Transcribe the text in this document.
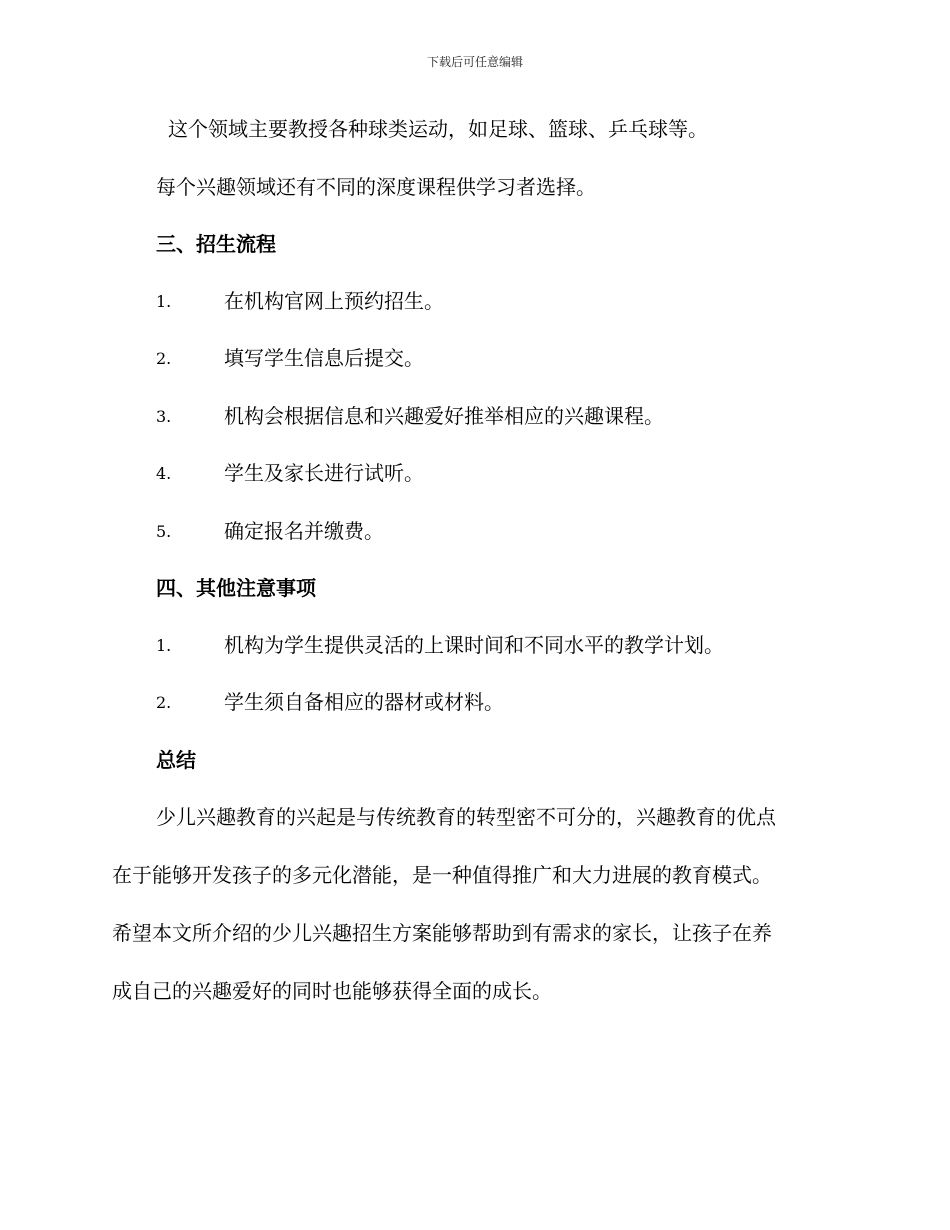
下载后可任意编辑
这个领域主要教授各种球类运动，如足球、篮球、乒乓球等。
每个兴趣领域还有不同的深度课程供学习者选择。
三、招生流程
1.	在机构官网上预约招生。
2.	填写学生信息后提交。
3.	机构会根据信息和兴趣爱好推举相应的兴趣课程。
4.	学生及家长进行试听。
5.	确定报名并缴费。
四、其他注意事项
1.	机构为学生提供灵活的上课时间和不同水平的教学计划。
2.	学生须自备相应的器材或材料。
总结
少儿兴趣教育的兴起是与传统教育的转型密不可分的，兴趣教育的优点
在于能够开发孩子的多元化潜能，是一种值得推广和大力进展的教育模式。
希望本文所介绍的少儿兴趣招生方案能够帮助到有需求的家长，让孩子在养
成自己的兴趣爱好的同时也能够获得全面的成长。
